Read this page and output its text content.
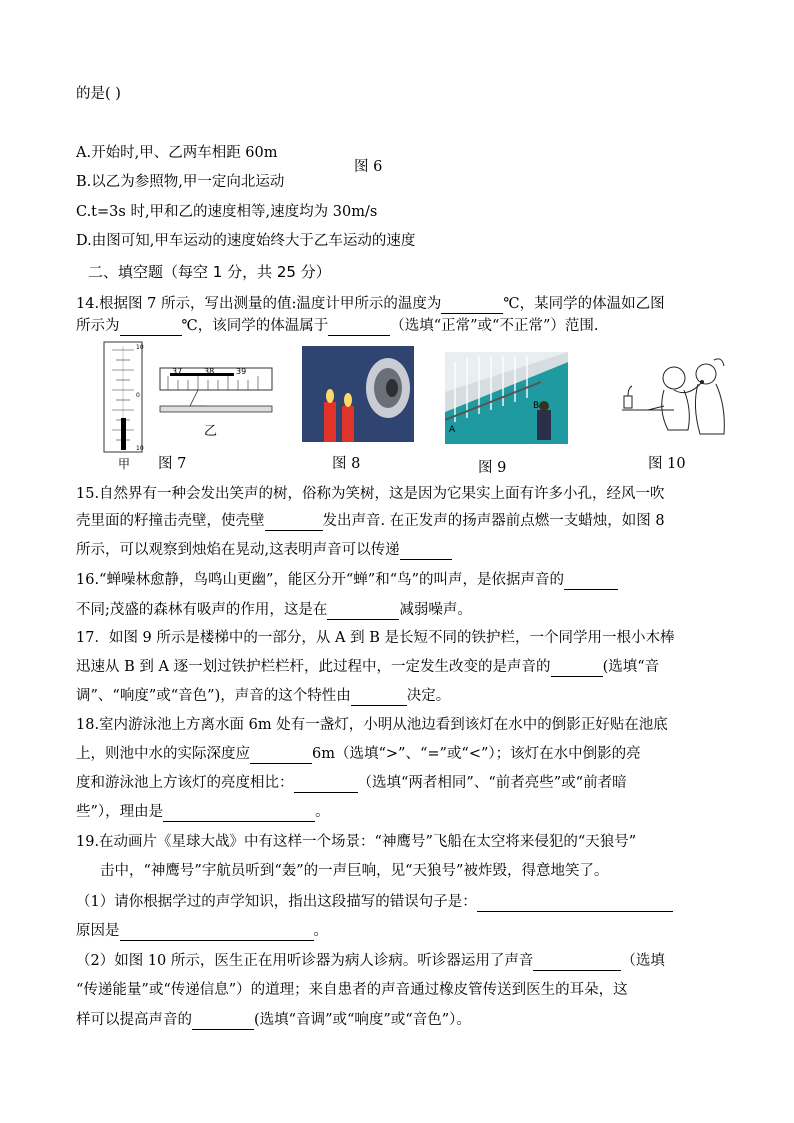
的是( )
A.开始时,甲、乙两车相距 60m
图 6
B.以乙为参照物,甲一定向北运动
C.t=3s 时,甲和乙的速度相等,速度均为 30m/s
D.由图可知,甲车运动的速度始终大于乙车运动的速度
二、填空题（每空 1 分，共 25 分）
14.根据图 7 所示，写出测量的值:温度计甲所示的温度为	℃，某同学的体温如乙图
所示为	℃，该同学的体温属于	（选填“正常”或“不正常”）范围.
10
0
10
37	38	39
乙
甲 图 7	图 8
A
B
图 9	图 10
15.自然界有一种会发出笑声的树，俗称为笑树，这是因为它果实上面有许多小孔，经风一吹
壳里面的籽撞击壳壁，使壳壁	发出声音. 在正发声的扬声器前点燃一支蜡烛，如图 8
所示，可以观察到烛焰在晃动,这表明声音可以传递
16.“蝉噪林愈静，鸟鸣山更幽”，能区分开“蝉”和“鸟”的叫声，是依据声音的
不同;茂盛的森林有吸声的作用，这是在	减弱噪声。
17．如图 9 所示是楼梯中的一部分，从 A 到 B 是长短不同的铁护栏，一个同学用一根小木棒
迅速从 B 到 A 逐一划过铁护栏栏杆，此过程中，一定发生改变的是声音的	(选填“音
调”、“响度”或“音色”)，声音的这个特性由	决定。
18.室内游泳池上方离水面 6m 处有一盏灯，小明从池边看到该灯在水中的倒影正好贴在池底
上，则池中水的实际深度应	6m（选填“>”、“=”或“<”）；该灯在水中倒影的亮
度和游泳池上方该灯的亮度相比：	（选填“两者相同”、“前者亮些”或“前者暗
些”），理由是	。
19.在动画片《星球大战》中有这样一个场景：“神鹰号”飞船在太空将来侵犯的“天狼号”
击中，“神鹰号”宇航员听到“轰”的一声巨响，见“天狼号”被炸毁，得意地笑了。
（1）请你根据学过的声学知识，指出这段描写的错误句子是：
原因是	。
（2）如图 10 所示，医生正在用听诊器为病人诊病。听诊器运用了声音	（选填
“传递能量”或“传递信息”）的道理；来自患者的声音通过橡皮管传送到医生的耳朵，这
样可以提高声音的	(选填“音调”或“响度”或“音色”）。
